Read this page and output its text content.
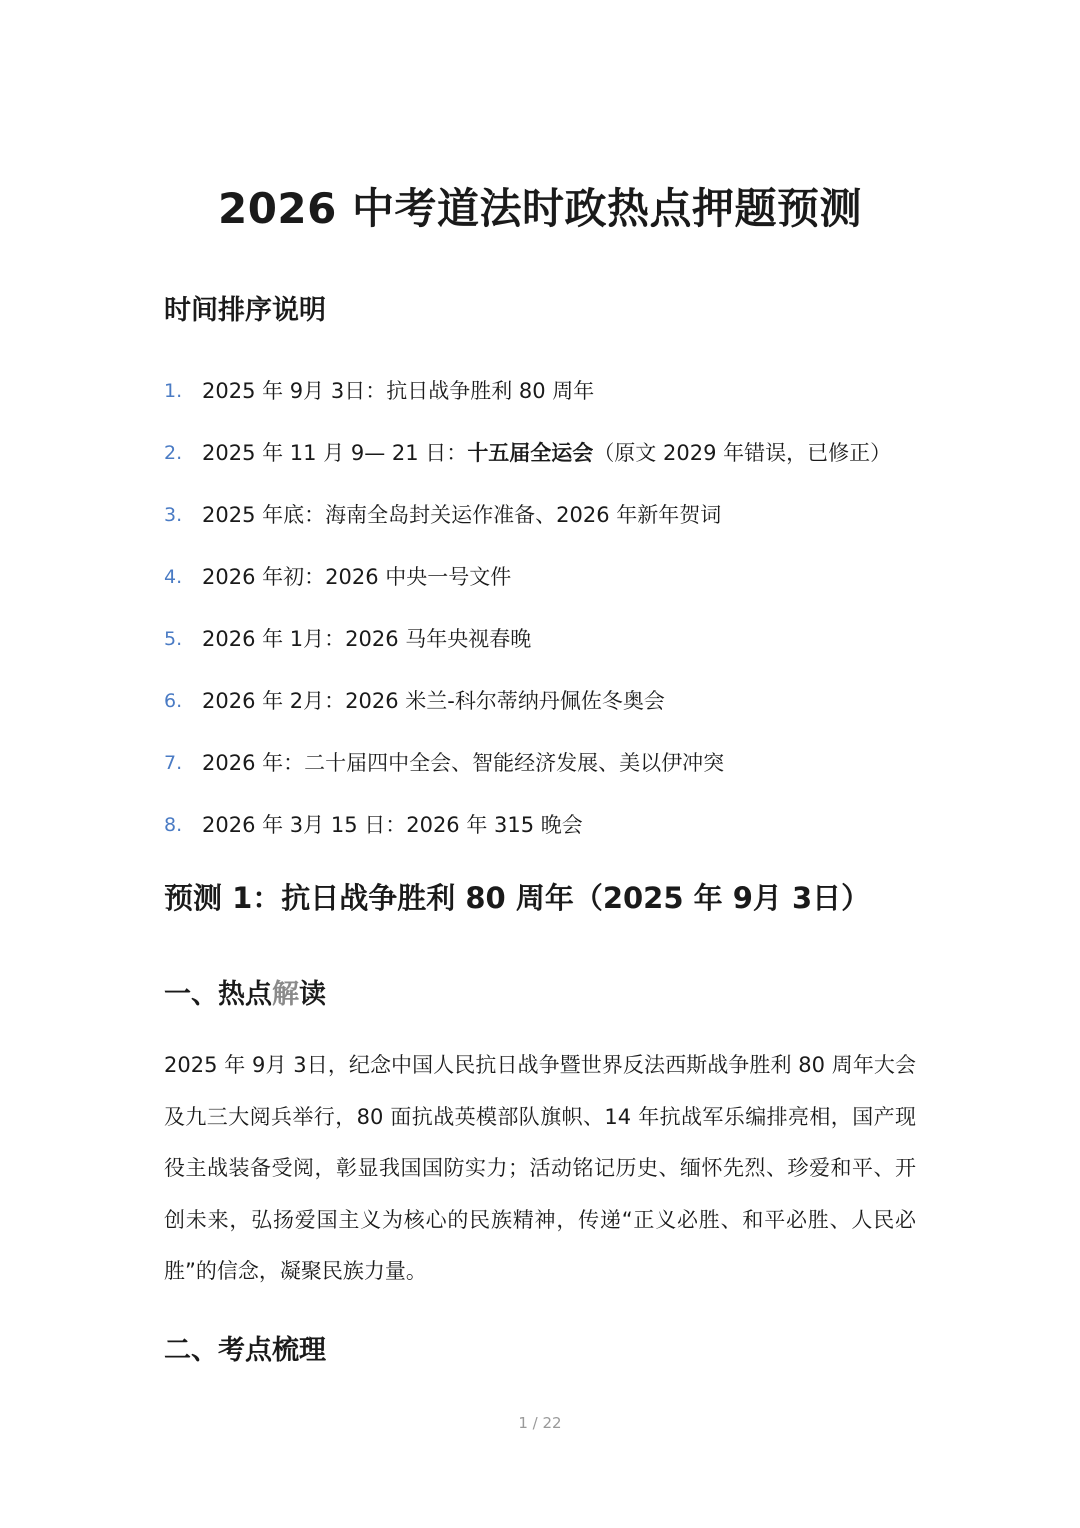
2026 中考道法时政热点押题预测
时间排序说明
1. 2025 年 9月 3日：抗日战争胜利 80 周年
2. 2025 年 11 月 9— 21 日：十五届全运会（原文 2029 年错误，已修正）
3. 2025 年底：海南全岛封关运作准备、2026 年新年贺词
4. 2026 年初：2026 中央一号文件
5. 2026 年 1月：2026 马年央视春晚
6. 2026 年 2月：2026 米兰-科尔蒂纳丹佩佐冬奥会
7. 2026 年：二十届四中全会、智能经济发展、美以伊冲突
8. 2026 年 3月 15 日：2026 年 315 晚会
预测 1：抗日战争胜利 80 周年（2025 年 9月 3日）
一、热点解读

2025 年 9月 3日，纪念中国人民抗日战争暨世界反法西斯战争胜利 80 周年大会及九三大阅兵举行，80 面抗战英模部队旗帜、14 年抗战军乐编排亮相，国产现役主战装备受阅，彰显我国国防实力；活动铭记历史、缅怀先烈、珍爱和平、开创未来，弘扬爱国主义为核心的民族精神，传递“正义必胜、和平必胜、人民必胜”的信念，凝聚民族力量。

二、考点梳理
1 / 22
